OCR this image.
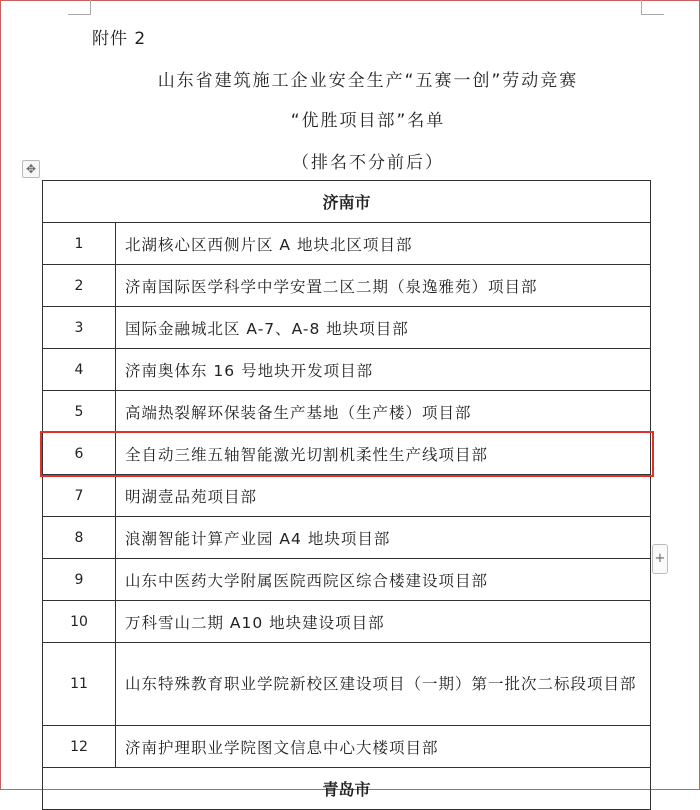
附件 2
山东省建筑施工企业安全生产“五赛一创”劳动竞赛
“优胜项目部”名单
（排名不分前后）
✥
+
济南市	
1	北湖核心区西侧片区 A 地块北区项目部
2	济南国际医学科学中学安置二区二期（泉逸雅苑）项目部
3	国际金融城北区 A-7、A-8 地块项目部
4	济南奥体东 16 号地块开发项目部
5	高端热裂解环保装备生产基地（生产楼）项目部
6	全自动三维五轴智能激光切割机柔性生产线项目部
7	明湖壹品苑项目部
8	浪潮智能计算产业园 A4 地块项目部
9	山东中医药大学附属医院西院区综合楼建设项目部
10	万科雪山二期 A10 地块建设项目部
11	山东特殊教育职业学院新校区建设项目（一期）第一批次二标段项目部
12	济南护理职业学院图文信息中心大楼项目部
青岛市	
